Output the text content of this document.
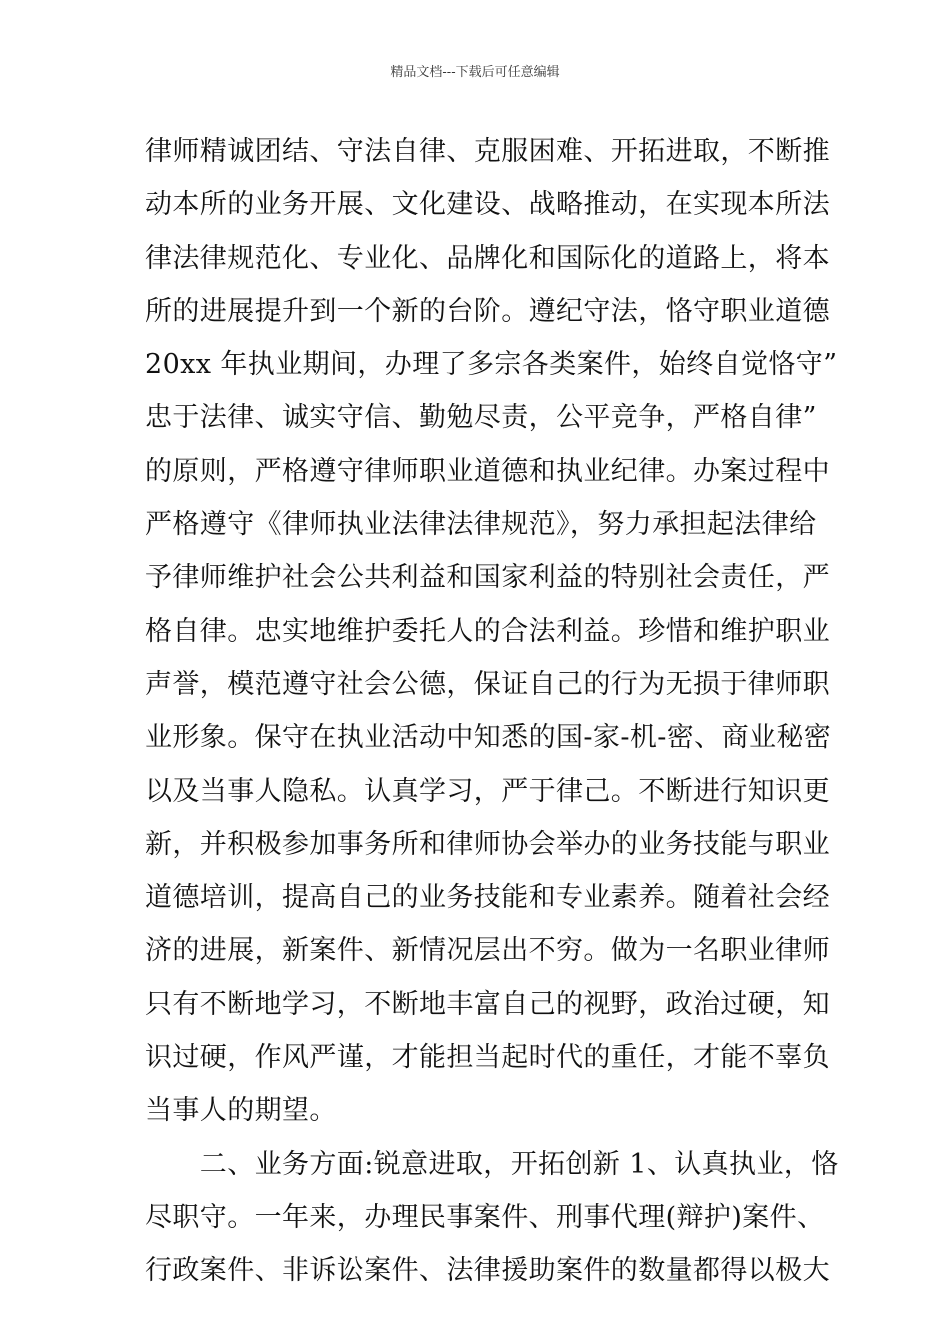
精品文档---下载后可任意编辑
律师精诚团结、守法自律、克服困难、开拓进取，不断推
动本所的业务开展、文化建设、战略推动，在实现本所法
律法律规范化、专业化、品牌化和国际化的道路上，将本
所的进展提升到一个新的台阶。遵纪守法，恪守职业道德
20xx 年执业期间，办理了多宗各类案件，始终自觉恪守”
忠于法律、诚实守信、勤勉尽责，公平竞争，严格自律”
的原则，严格遵守律师职业道德和执业纪律。办案过程中
严格遵守《律师执业法律法律规范》，努力承担起法律给
予律师维护社会公共利益和国家利益的特别社会责任，严
格自律。忠实地维护委托人的合法利益。珍惜和维护职业
声誉，模范遵守社会公德，保证自己的行为无损于律师职
业形象。保守在执业活动中知悉的国-家-机-密、商业秘密
以及当事人隐私。认真学习，严于律己。不断进行知识更
新，并积极参加事务所和律师协会举办的业务技能与职业
道德培训，提高自己的业务技能和专业素养。随着社会经
济的进展，新案件、新情况层出不穷。做为一名职业律师
只有不断地学习，不断地丰富自己的视野，政治过硬，知
识过硬，作风严谨，才能担当起时代的重任，才能不辜负
当事人的期望。
　　二、业务方面:锐意进取，开拓创新 1、认真执业，恪
尽职守。一年来，办理民事案件、刑事代理(辩护)案件、
行政案件、非诉讼案件、法律援助案件的数量都得以极大
